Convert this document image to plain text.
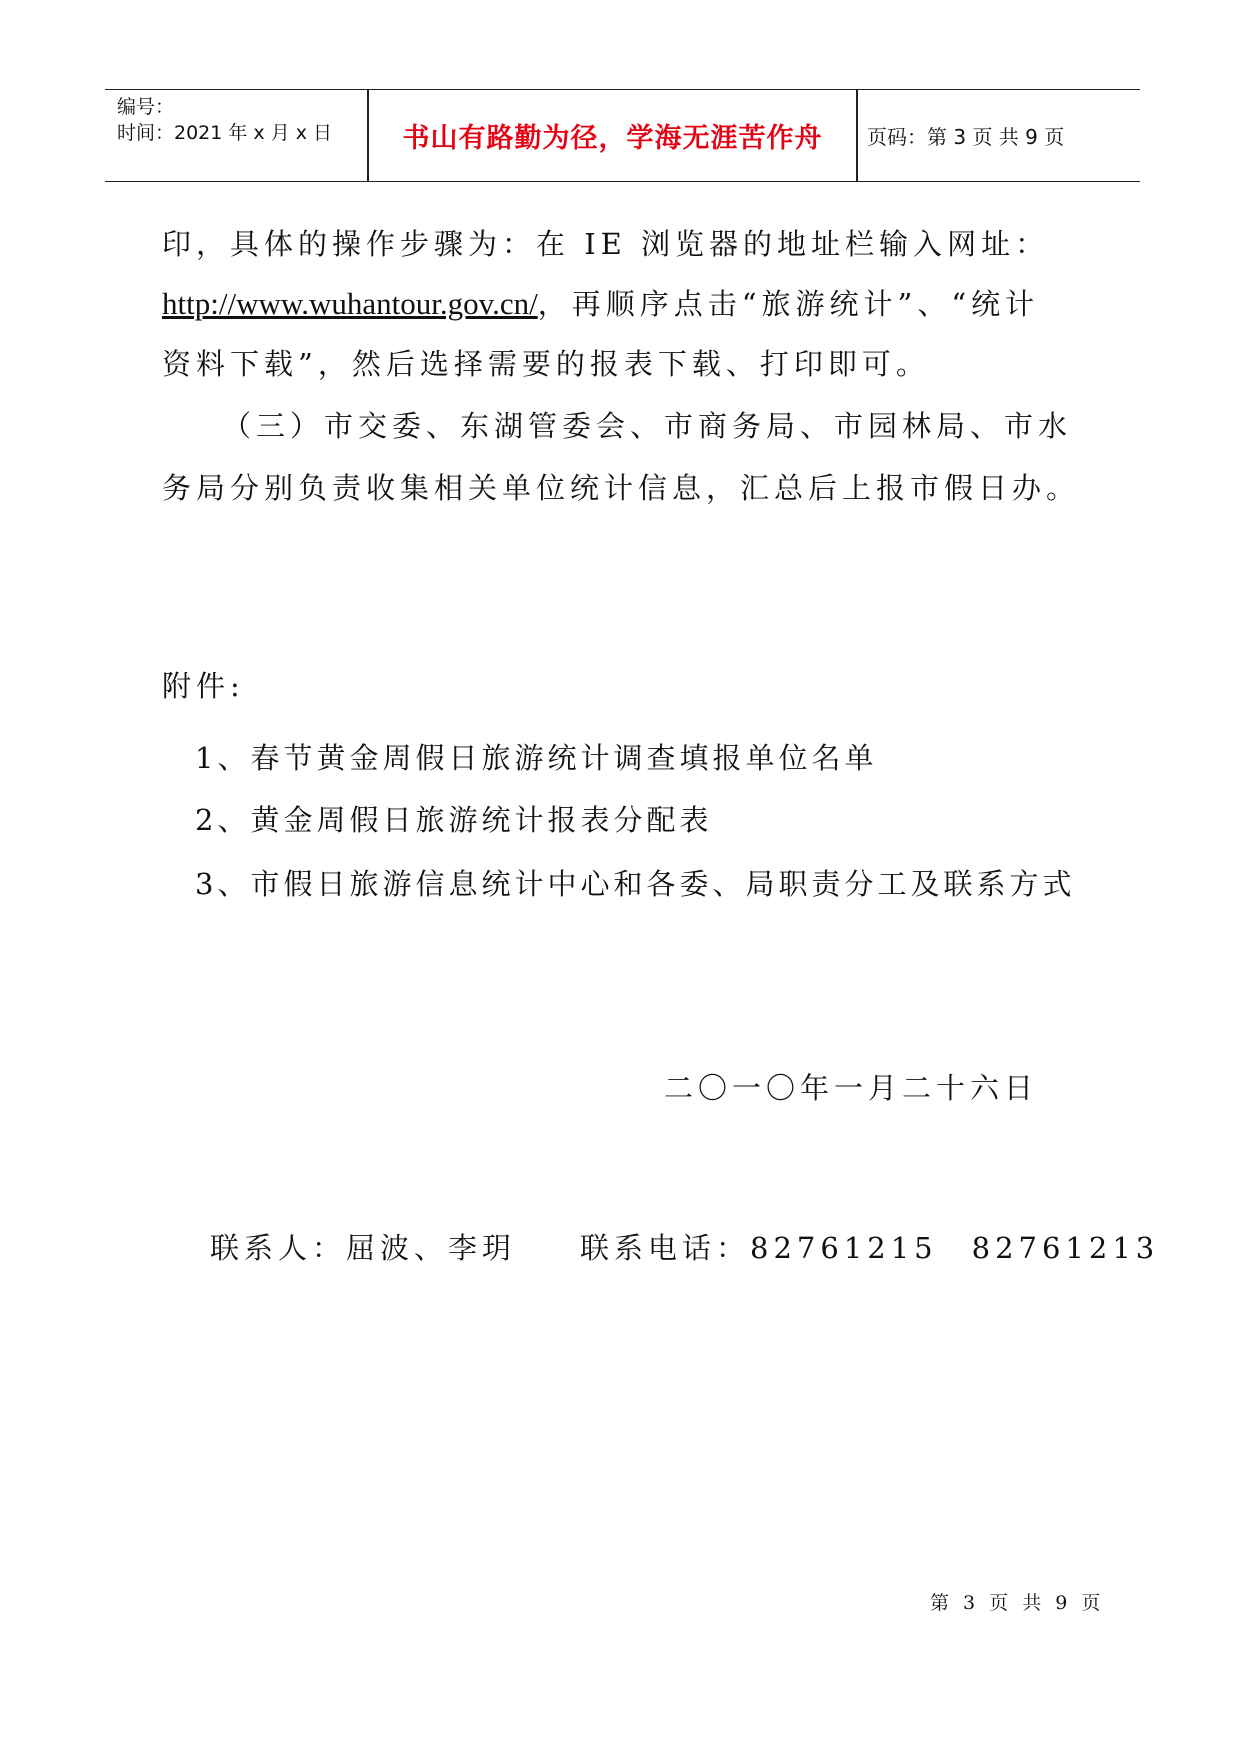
编号：
时间：2021 年 x 月 x 日	书山有路勤为径，学海无涯苦作舟	页码：第 3 页 共 9 页
印，具体的操作步骤为：在 IE 浏览器的地址栏输入网址：
http://www.wuhantour.gov.cn/，再顺序点击“旅游统计”、“统计
资料下载”，然后选择需要的报表下载、打印即可。
（三）市交委、东湖管委会、市商务局、市园林局、市水
务局分别负责收集相关单位统计信息，汇总后上报市假日办。
附件:
1、春节黄金周假日旅游统计调查填报单位名单
2、黄金周假日旅游统计报表分配表
3、市假日旅游信息统计中心和各委、局职责分工及联系方式
二〇一〇年一月二十六日
联系人：屈波、李玥 联系电话：82761215　82761213
第 3 页 共 9 页
